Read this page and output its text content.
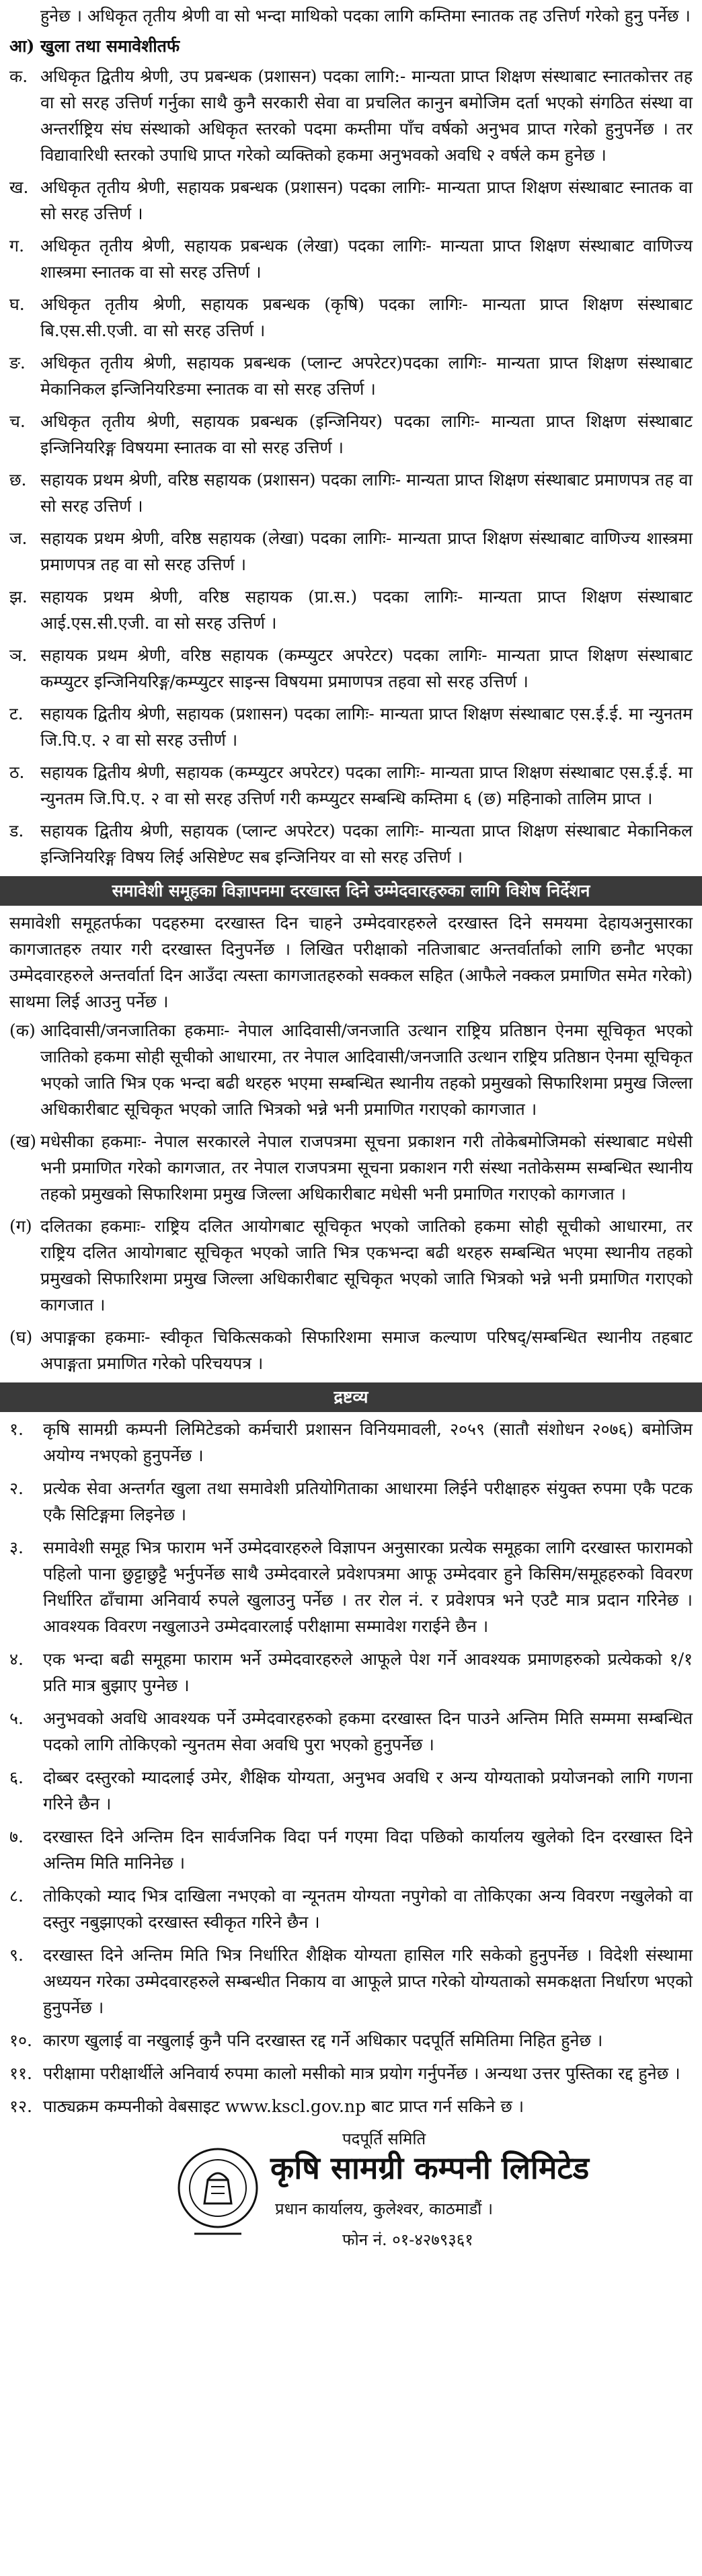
हुनेछ । अधिकृत तृतीय श्रेणी वा सो भन्दा माथिको पदका लागि कम्तिमा स्नातक तह उत्तिर्ण गरेको हुनु पर्नेछ ।

आ) खुला तथा समावेशीतर्फ
क. अधिकृत द्वितीय श्रेणी, उप प्रबन्धक (प्रशासन) पदका लागि:- मान्यता प्राप्त शिक्षण संस्थाबाट स्नातकोत्तर तह वा सो सरह उत्तिर्ण गर्नुका साथै कुनै सरकारी सेवा वा प्रचलित कानुन बमोजिम दर्ता भएको संगठित संस्था वा अन्तर्राष्ट्रिय संघ संस्थाको अधिकृत स्तरको पदमा कम्तीमा पाँच वर्षको अनुभव प्राप्त गरेको हुनुपर्नेछ । तर विद्यावारिधी स्तरको उपाधि प्राप्त गरेको व्यक्तिको हकमा अनुभवको अवधि २ वर्षले कम हुनेछ ।
ख. अधिकृत तृतीय श्रेणी, सहायक प्रबन्धक (प्रशासन) पदका लागिः- मान्यता प्राप्त शिक्षण संस्थाबाट स्नातक वा सो सरह उत्तिर्ण ।
ग. अधिकृत तृतीय श्रेणी, सहायक प्रबन्धक (लेखा) पदका लागिः- मान्यता प्राप्त शिक्षण संस्थाबाट वाणिज्य शास्त्रमा स्नातक वा सो सरह उत्तिर्ण ।
घ. अधिकृत तृतीय श्रेणी, सहायक प्रबन्धक (कृषि) पदका लागिः- मान्यता प्राप्त शिक्षण संस्थाबाट बि.एस.सी.एजी. वा सो सरह उत्तिर्ण ।
ङ. अधिकृत तृतीय श्रेणी, सहायक प्रबन्धक (प्लान्ट अपरेटर)पदका लागिः- मान्यता प्राप्त शिक्षण संस्थाबाट मेकानिकल इन्जिनियरिङमा स्नातक वा सो सरह उत्तिर्ण ।
च. अधिकृत तृतीय श्रेणी, सहायक प्रबन्धक (इन्जिनियर) पदका लागिः- मान्यता प्राप्त शिक्षण संस्थाबाट इन्जिनियरिङ्ग विषयमा स्नातक वा सो सरह उत्तिर्ण ।
छ. सहायक प्रथम श्रेणी, वरिष्ठ सहायक (प्रशासन) पदका लागिः- मान्यता प्राप्त शिक्षण संस्थाबाट प्रमाणपत्र तह वा सो सरह उत्तिर्ण ।
ज. सहायक प्रथम श्रेणी, वरिष्ठ सहायक (लेखा) पदका लागिः- मान्यता प्राप्त शिक्षण संस्थाबाट वाणिज्य शास्त्रमा प्रमाणपत्र तह वा सो सरह उत्तिर्ण ।
झ. सहायक प्रथम श्रेणी, वरिष्ठ सहायक (प्रा.स.) पदका लागिः- मान्यता प्राप्त शिक्षण संस्थाबाट आई.एस.सी.एजी. वा सो सरह उत्तिर्ण ।
ञ. सहायक प्रथम श्रेणी, वरिष्ठ सहायक (कम्प्युटर अपरेटर) पदका लागिः- मान्यता प्राप्त शिक्षण संस्थाबाट कम्प्युटर इन्जिनियरिङ्ग/कम्प्युटर साइन्स विषयमा प्रमाणपत्र तहवा सो सरह उत्तिर्ण ।
ट.	सहायक द्वितीय श्रेणी, सहायक (प्रशासन) पदका लागिः- मान्यता प्राप्त शिक्षण संस्थाबाट एस.ई.ई. मा न्युनतम जि.पि.ए. २ वा सो सरह उत्तीर्ण ।
ठ. सहायक द्वितीय श्रेणी, सहायक (कम्प्युटर अपरेटर) पदका लागिः- मान्यता प्राप्त शिक्षण संस्थाबाट एस.ई.ई. मा न्युनतम जि.पि.ए. २ वा सो सरह उत्तिर्ण गरी कम्प्युटर सम्बन्धि कम्तिमा ६ (छ) महिनाको तालिम प्राप्त ।
ड. सहायक द्वितीय श्रेणी, सहायक (प्लान्ट अपरेटर) पदका लागिः- मान्यता प्राप्त शिक्षण संस्थाबाट मेकानिकल इन्जिनियरिङ्ग विषय लिई असिष्टेण्ट सब इन्जिनियर वा सो सरह उत्तिर्ण ।
समावेशी समूहका विज्ञापनमा दरखास्त दिने उम्मेदवारहरुका लागि विशेष निर्देशन

समावेशी समूहतर्फका पदहरुमा दरखास्त दिन चाहने उम्मेदवारहरुले दरखास्त दिने समयमा देहायअनुसारका कागजातहरु तयार गरी दरखास्त दिनुपर्नेछ । लिखित परीक्षाको नतिजाबाट अन्तर्वार्ताको लागि छनौट भएका उम्मेदवारहरुले अन्तर्वार्ता दिन आउँदा त्यस्ता कागजातहरुको सक्कल सहित (आफैले नक्कल प्रमाणित समेत गरेको) साथमा लिई आउनु पर्नेछ ।

(क) आदिवासी/जनजातिका हकमाः- नेपाल आदिवासी/जनजाति उत्थान राष्ट्रिय प्रतिष्ठान ऐनमा सूचिकृत भएको जातिको हकमा सोही सूचीको आधारमा, तर नेपाल आदिवासी/जनजाति उत्थान राष्ट्रिय प्रतिष्ठान ऐनमा सूचिकृत भएको जाति भित्र एक भन्दा बढी थरहरु भएमा सम्बन्धित स्थानीय तहको प्रमुखको सिफारिशमा प्रमुख जिल्ला अधिकारीबाट सूचिकृत भएको जाति भित्रको भन्ने भनी प्रमाणित गराएको कागजात ।
(ख) मधेसीका हकमाः- नेपाल सरकारले नेपाल राजपत्रमा सूचना प्रकाशन गरी तोकेबमोजिमको संस्थाबाट मधेसी भनी प्रमाणित गरेको कागजात, तर नेपाल राजपत्रमा सूचना प्रकाशन गरी संस्था नतोकेसम्म सम्बन्धित स्थानीय तहको प्रमुखको सिफारिशमा प्रमुख जिल्ला अधिकारीबाट मधेसी भनी प्रमाणित गराएको कागजात ।
(ग) दलितका हकमाः- राष्ट्रिय दलित आयोगबाट सूचिकृत भएको जातिको हकमा सोही सूचीको आधारमा, तर राष्ट्रिय दलित आयोगबाट सूचिकृत भएको जाति भित्र एकभन्दा बढी थरहरु सम्बन्धित भएमा स्थानीय तहको प्रमुखको सिफारिशमा प्रमुख जिल्ला अधिकारीबाट सूचिकृत भएको जाति भित्रको भन्ने भनी प्रमाणित गराएको कागजात ।
(घ) अपाङ्गका हकमाः- स्वीकृत चिकित्सकको सिफारिशमा समाज कल्याण परिषद्/सम्बन्धित स्थानीय तहबाट अपाङ्गता प्रमाणित गरेको परिचयपत्र ।
द्रष्टव्य
१.	कृषि सामग्री कम्पनी लिमिटेडको कर्मचारी प्रशासन विनियमावली, २०५९ (सातौ संशोधन २०७६) बमोजिम अयोग्य नभएको हुनुपर्नेछ ।
२.	प्रत्येक सेवा अन्तर्गत खुला तथा समावेशी प्रतियोगिताका आधारमा लिईने परीक्षाहरु संयुक्त रुपमा एकै पटक एकै सिटिङ्गमा लिइनेछ ।
३.	समावेशी समूह भित्र फाराम भर्ने उम्मेदवारहरुले विज्ञापन अनुसारका प्रत्येक समूहका लागि दरखास्त फारामको पहिलो पाना छुट्टाछुट्टै भर्नुपर्नेछ साथै उम्मेदवारले प्रवेशपत्रमा आफू उम्मेदवार हुने किसिम/समूहहरुको विवरण निर्धारित ढाँचामा अनिवार्य रुपले खुलाउनु पर्नेछ । तर रोल नं. र प्रवेशपत्र भने एउटै मात्र प्रदान गरिनेछ । आवश्यक विवरण नखुलाउने उम्मेदवारलाई परीक्षामा सम्मावेश गराईने छैन ।
४.	एक भन्दा बढी समूहमा फाराम भर्ने उम्मेदवारहरुले आफूले पेश गर्ने आवश्यक प्रमाणहरुको प्रत्येकको १/१ प्रति मात्र बुझाए पुग्नेछ ।
५.	अनुभवको अवधि आवश्यक पर्ने उम्मेदवारहरुको हकमा दरखास्त दिन पाउने अन्तिम मिति सम्ममा सम्बन्धित पदको लागि तोकिएको न्युनतम सेवा अवधि पुरा भएको हुनुपर्नेछ ।
६.	दोब्बर दस्तुरको म्यादलाई उमेर, शैक्षिक योग्यता, अनुभव अवधि र अन्य योग्यताको प्रयोजनको लागि गणना गरिने छैन ।
७.	दरखास्त दिने अन्तिम दिन सार्वजनिक विदा पर्न गएमा विदा पछिको कार्यालय खुलेको दिन दरखास्त दिने अन्तिम मिति मानिनेछ ।
८.	तोकिएको म्याद भित्र दाखिला नभएको वा न्यूनतम योग्यता नपुगेको वा तोकिएका अन्य विवरण नखुलेको वा दस्तुर नबुझाएको दरखास्त स्वीकृत गरिने छैन ।
९.	दरखास्त दिने अन्तिम मिति भित्र निर्धारित शैक्षिक योग्यता हासिल गरि सकेको हुनुपर्नेछ । विदेशी संस्थामा अध्ययन गरेका उम्मेदवारहरुले सम्बन्धीत निकाय वा आफूले प्राप्त गरेको योग्यताको समकक्षता निर्धारण भएको हुनुपर्नेछ ।
१०. कारण खुलाई वा नखुलाई कुनै पनि दरखास्त रद्द गर्ने अधिकार पदपूर्ति समितिमा निहित हुनेछ ।
११. परीक्षामा परीक्षार्थीले अनिवार्य रुपमा कालो मसीको मात्र प्रयोग गर्नुपर्नेछ । अन्यथा उत्तर पुस्तिका रद्द हुनेछ ।
१२. पाठ्यक्रम कम्पनीको वेबसाइट www.kscl.gov.np बाट प्राप्त गर्न सकिने छ ।
पदपूर्ति समिति
कृषि सामग्री कम्पनी लिमिटेड
प्रधान कार्यालय, कुलेश्वर, काठमाडौं ।
फोन नं. ०१-४२७९३६१
